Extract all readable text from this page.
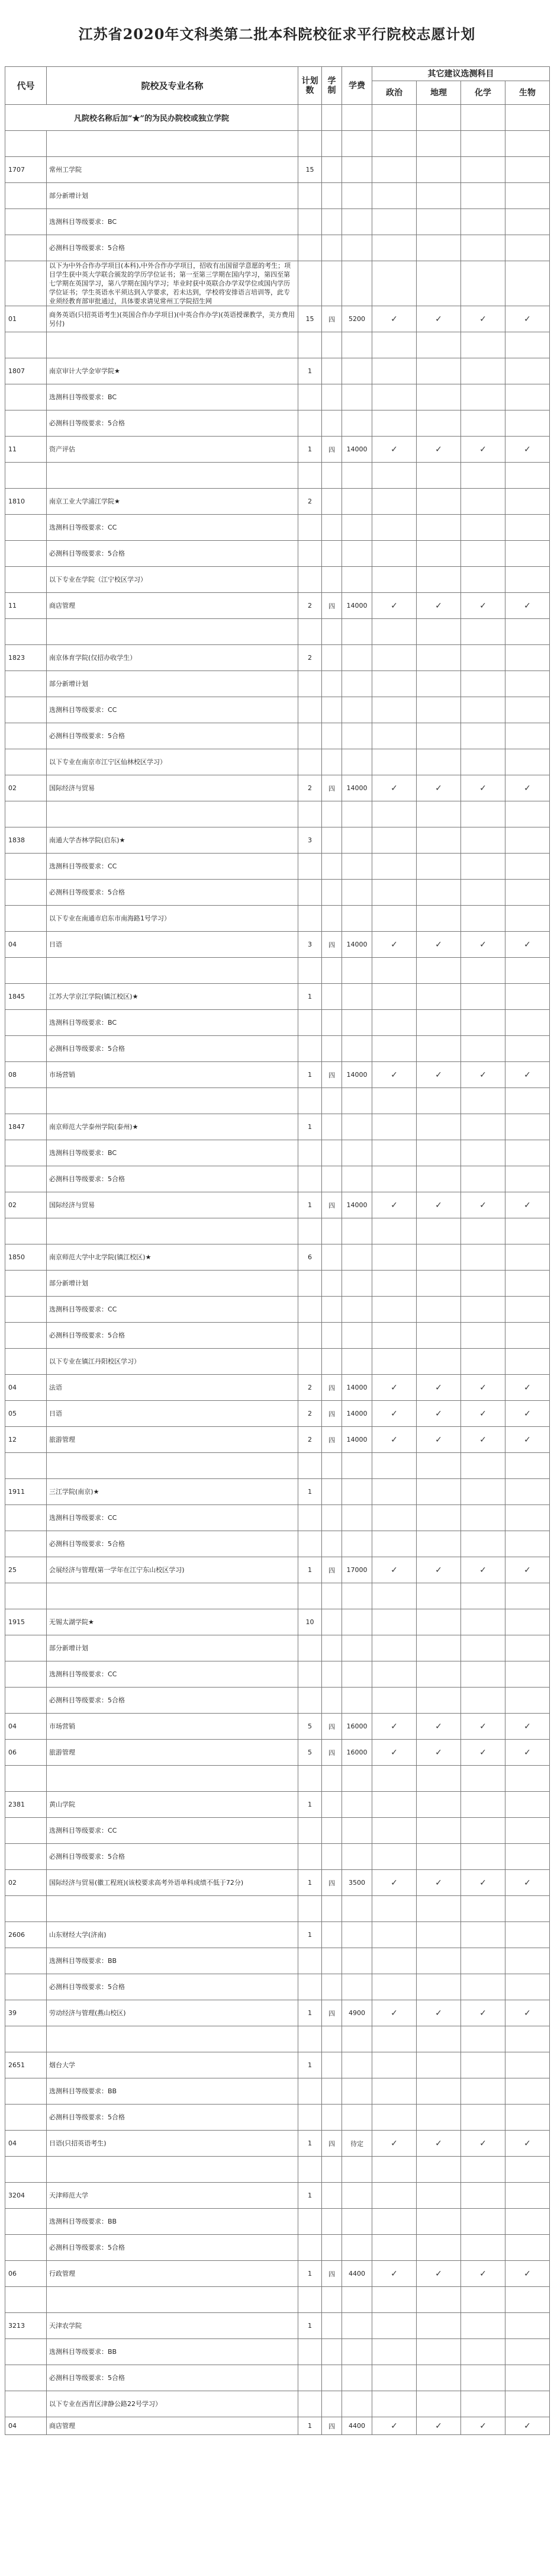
江苏省2020年文科类第二批本科院校征求平行院校志愿计划
代号	院校及专业名称	计划数	学制	学费	其它建议选测科目			
					政治	地理	化学	生物
凡院校名称后加“★”的为民办院校或独立学院								

1707	常州工学院	15						
	部分新增计划							
	选测科目等级要求：BC							
	必测科目等级要求：5合格							
	以下为中外合作办学项目(本科),中外合作办学项目，招收有出国留学意愿的考生；项目学生获中英大学联合颁发的学历学位证书；第一至第三学期在国内学习，第四至第七学期在英国学习，第八学期在国内学习；毕业时获中英联合办学双学位或国内学历学位证书；学生英语水平须达到入学要求，若未达到，学校将安排语言培训等，此专业须经教育部审批通过，具体要求请见常州工学院招生网							
01	商务英语(只招英语考生)(英国合作办学项目)(中英合作办学)(英语授课教学，美方费用另付)	15	四	5200	✓	✓	✓	✓

1807	南京审计大学金审学院★	1						
	选测科目等级要求：BC							
	必测科目等级要求：5合格							
11	资产评估	1	四	14000	✓	✓	✓	✓

1810	南京工业大学浦江学院★	2						
	选测科目等级要求：CC							
	必测科目等级要求：5合格							
	以下专业在学院（江宁校区学习）							
11	商店管理	2	四	14000	✓	✓	✓	✓

1823	南京体育学院(仅招办收学生）	2						
	部分新增计划							
	选测科目等级要求：CC							
	必测科目等级要求：5合格							
	以下专业在南京市江宁区仙林校区学习）							
02	国际经济与贸易	2	四	14000	✓	✓	✓	✓

1838	南通大学杏林学院(启东)★	3						
	选测科目等级要求：CC							
	必测科目等级要求：5合格							
	以下专业在南通市启东市南海路1号学习）							
04	日语	3	四	14000	✓	✓	✓	✓

1845	江苏大学京江学院(镇江校区)★	1						
	选测科目等级要求：BC							
	必测科目等级要求：5合格							
08	市场营销	1	四	14000	✓	✓	✓	✓

1847	南京师范大学泰州学院(泰州)★	1						
	选测科目等级要求：BC							
	必测科目等级要求：5合格							
02	国际经济与贸易	1	四	14000	✓	✓	✓	✓

1850	南京师范大学中北学院(镇江校区)★	6						
	部分新增计划							
	选测科目等级要求：CC							
	必测科目等级要求：5合格							
	以下专业在镇江丹阳校区学习）							
04	法语	2	四	14000	✓	✓	✓	✓
05	日语	2	四	14000	✓	✓	✓	✓
12	旅游管理	2	四	14000	✓	✓	✓	✓

1911	三江学院(南京)★	1						
	选测科目等级要求：CC							
	必测科目等级要求：5合格							
25	会展经济与管理(第一学年在江宁东山校区学习)	1	四	17000	✓	✓	✓	✓

1915	无锡太湖学院★	10						
	部分新增计划							
	选测科目等级要求：CC							
	必测科目等级要求：5合格							
04	市场营销	5	四	16000	✓	✓	✓	✓
06	旅游管理	5	四	16000	✓	✓	✓	✓

2381	黄山学院	1						
	选测科目等级要求：CC							
	必测科目等级要求：5合格							
02	国际经济与贸易(徽工程班)(该校要求高考外语单科成绩不低于72分)	1	四	3500	✓	✓	✓	✓

2606	山东财经大学(济南)	1						
	选测科目等级要求：BB							
	必测科目等级要求：5合格							
39	劳动经济与管理(燕山校区)	1	四	4900	✓	✓	✓	✓

2651	烟台大学	1						
	选测科目等级要求：BB							
	必测科目等级要求：5合格							
04	日语(只招英语考生)	1	四	待定	✓	✓	✓	✓

3204	天津师范大学	1						
	选测科目等级要求：BB							
	必测科目等级要求：5合格							
06	行政管理	1	四	4400	✓	✓	✓	✓

3213	天津农学院	1						
	选测科目等级要求：BB							
	必测科目等级要求：5合格							
	以下专业在西青区津静公路22号学习）							
04	商店管理	1	四	4400	✓	✓	✓	✓
